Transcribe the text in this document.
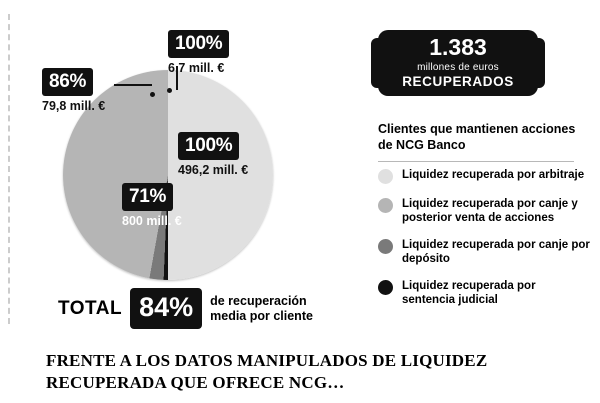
100%
6,7 mill. €
86%
79,8 mill. €
71%
800 mill. €
100%
496,2 mill. €
TOTAL 84%	de recuperación media por cliente
1.383
millones de euros
RECUPERADOS
Clientes que mantienen acciones de NCG Banco
Liquidez recuperada por arbitraje
Liquidez recuperada por canje y posterior venta de acciones
Liquidez recuperada por canje por depósito
Liquidez recuperada por sentencia judicial
FRENTE A LOS DATOS MANIPULADOS DE LIQUIDEZ RECUPERADA QUE OFRECE NCG…
